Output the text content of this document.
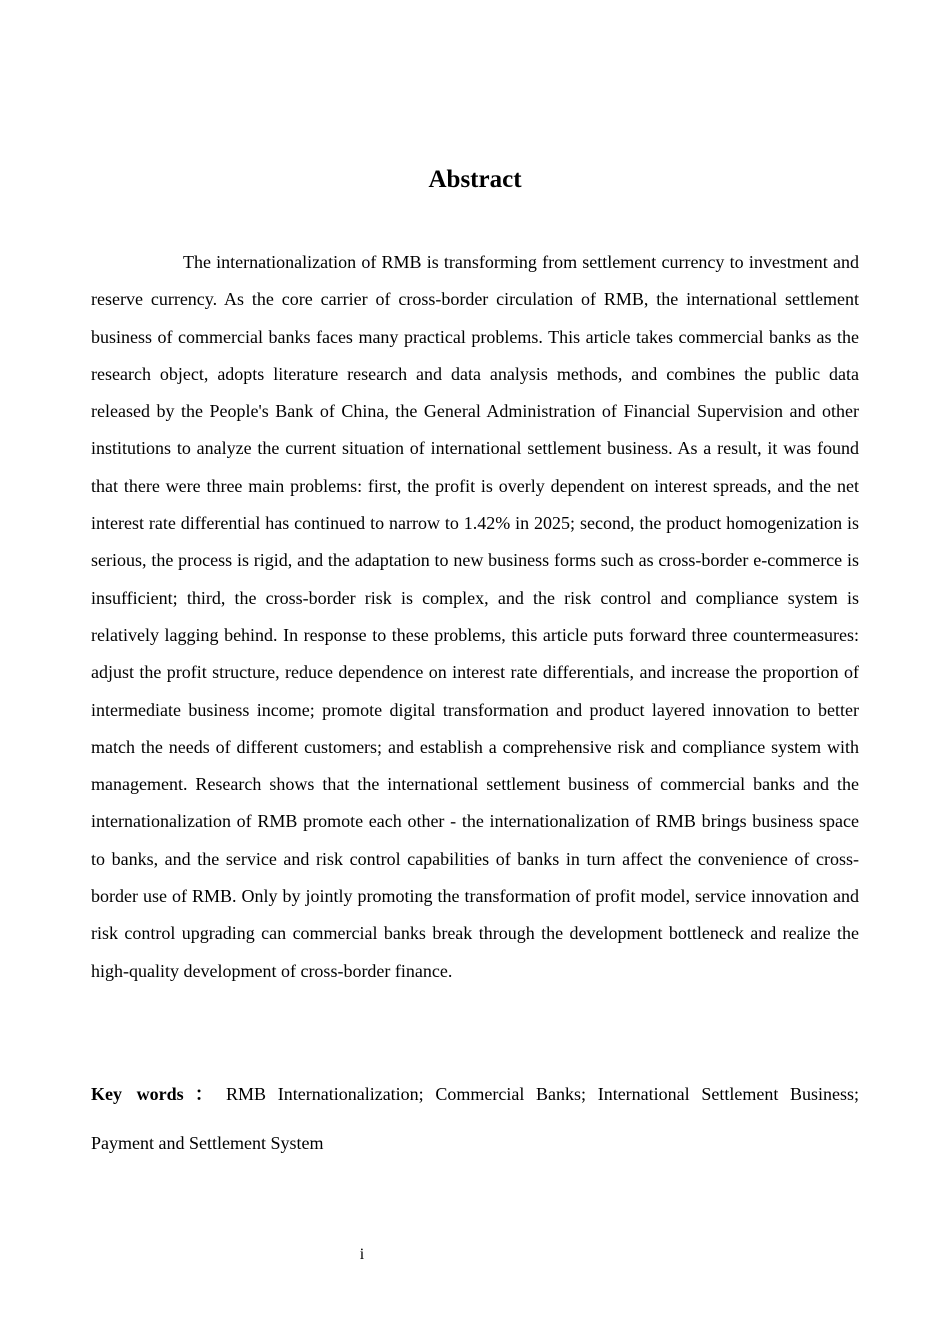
Abstract

The internationalization of RMB is transforming from settlement currency to investment and reserve currency. As the core carrier of cross-border circulation of RMB, the international settlement business of commercial banks faces many practical problems. This article takes commercial banks as the research object, adopts literature research and data analysis methods, and combines the public data released by the People's Bank of China, the General Administration of Financial Supervision and other institutions to analyze the current situation of international settlement business. As a result, it was found that there were three main problems: first, the profit is overly dependent on interest spreads, and the net interest rate differential has continued to narrow to 1.42% in 2025; second, the product homogenization is serious, the process is rigid, and the adaptation to new business forms such as cross-border e-commerce is insufficient; third, the cross-border risk is complex, and the risk control and compliance system is relatively lagging behind. In response to these problems, this article puts forward three countermeasures: adjust the profit structure, reduce dependence on interest rate differentials, and increase the proportion of intermediate business income; promote digital transformation and product layered innovation to better match the needs of different customers; and establish a comprehensive risk and compliance system with management. Research shows that the international settlement business of commercial banks and the internationalization of RMB promote each other - the internationalization of RMB brings business space to banks, and the service and risk control capabilities of banks in turn affect the convenience of cross-border use of RMB. Only by jointly promoting the transformation of profit model, service innovation and risk control upgrading can commercial banks break through the development bottleneck and realize the high-quality development of cross-border finance.

Key words ： RMB Internationalization; Commercial Banks; International Settlement Business; Payment and Settlement System

i
